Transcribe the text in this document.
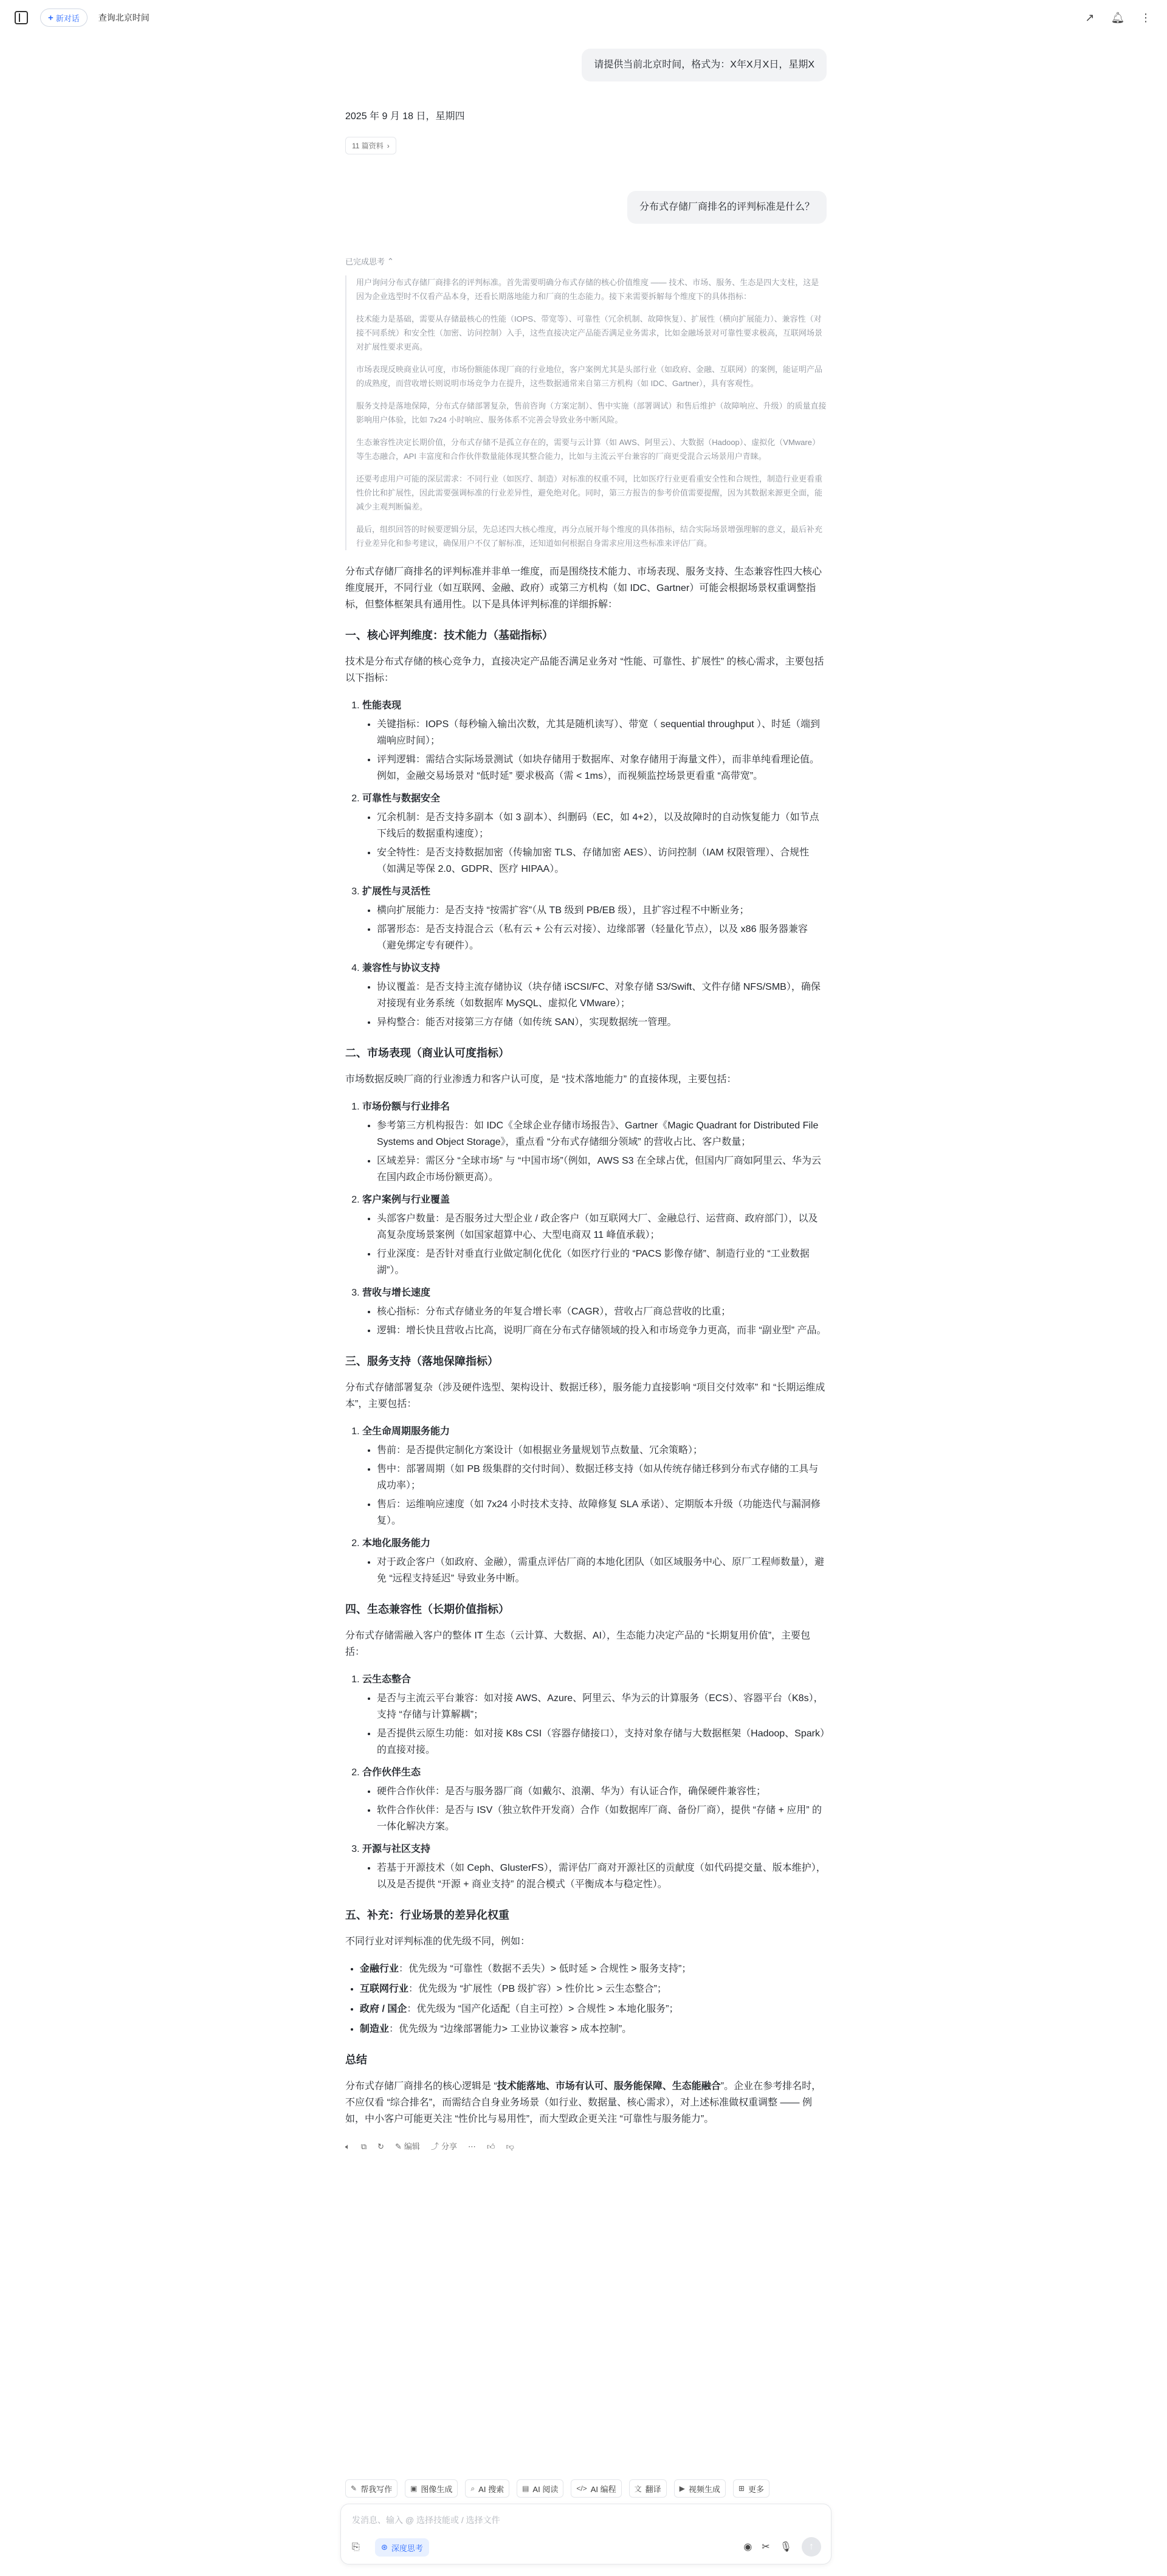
+ 新对话 查询北京时间	↗ 🔔︎ ⋮
请提供当前北京时间，格式为：X年X月X日，星期X
2025 年 9 月 18 日，星期四
11 篇资料 ›
分布式存储厂商排名的评判标准是什么？
已完成思考 ⌃

用户询问分布式存储厂商排名的评判标准。首先需要明确分布式存储的核心价值维度 —— 技术、市场、服务、生态是四大支柱，这是因为企业选型时不仅看产品本身，还看长期落地能力和厂商的生态能力。接下来需要拆解每个维度下的具体指标：

技术能力是基础，需要从存储最核心的性能（IOPS、带宽等）、可靠性（冗余机制、故障恢复）、扩展性（横向扩展能力）、兼容性（对接不同系统）和安全性（加密、访问控制）入手，这些直接决定产品能否满足业务需求，比如金融场景对可靠性要求极高，互联网场景对扩展性要求更高。

市场表现反映商业认可度，市场份额能体现厂商的行业地位，客户案例尤其是头部行业（如政府、金融、互联网）的案例，能证明产品的成熟度，而营收增长则说明市场竞争力在提升，这些数据通常来自第三方机构（如 IDC、Gartner），具有客观性。

服务支持是落地保障，分布式存储部署复杂，售前咨询（方案定制）、售中实施（部署调试）和售后维护（故障响应、升级）的质量直接影响用户体验，比如 7x24 小时响应、服务体系不完善会导致业务中断风险。

生态兼容性决定长期价值，分布式存储不是孤立存在的，需要与云计算（如 AWS、阿里云）、大数据（Hadoop）、虚拟化（VMware）等生态融合，API 丰富度和合作伙伴数量能体现其整合能力，比如与主流云平台兼容的厂商更受混合云场景用户青睐。

还要考虑用户可能的深层需求：不同行业（如医疗、制造）对标准的权重不同，比如医疗行业更看重安全性和合规性，制造行业更看重性价比和扩展性，因此需要强调标准的行业差异性，避免绝对化。同时，第三方报告的参考价值需要提醒，因为其数据来源更全面，能减少主观判断偏差。

最后，组织回答的时候要逻辑分层，先总述四大核心维度，再分点展开每个维度的具体指标，结合实际场景增强理解的意义，最后补充行业差异化和参考建议，确保用户不仅了解标准，还知道如何根据自身需求应用这些标准来评估厂商。

分布式存储厂商排名的评判标准并非单一维度，而是围绕技术能力、市场表现、服务支持、生态兼容性四大核心维度展开，不同行业（如互联网、金融、政府）或第三方机构（如 IDC、Gartner）可能会根据场景权重调整指标，但整体框架具有通用性。以下是具体评判标准的详细拆解：

一、核心评判维度：技术能力（基础指标）

技术是分布式存储的核心竞争力，直接决定产品能否满足业务对 “性能、可靠性、扩展性” 的核心需求，主要包括以下指标：

1. 性能表现
• 关键指标：IOPS（每秒输入输出次数，尤其是随机读写）、带宽（ sequential throughput ）、时延（端到端响应时间）；
• 评判逻辑：需结合实际场景测试（如块存储用于数据库、对象存储用于海量文件），而非单纯看理论值。例如，金融交易场景对 “低时延” 要求极高（需 < 1ms），而视频监控场景更看重 “高带宽”。
2. 可靠性与数据安全
• 冗余机制：是否支持多副本（如 3 副本）、纠删码（EC，如 4+2），以及故障时的自动恢复能力（如节点下线后的数据重构速度）；
• 安全特性：是否支持数据加密（传输加密 TLS、存储加密 AES）、访问控制（IAM 权限管理）、合规性（如满足等保 2.0、GDPR、医疗 HIPAA）。
3. 扩展性与灵活性
• 横向扩展能力：是否支持 “按需扩容”（从 TB 级到 PB/EB 级），且扩容过程不中断业务；
• 部署形态：是否支持混合云（私有云 + 公有云对接）、边缘部署（轻量化节点），以及 x86 服务器兼容（避免绑定专有硬件）。
4. 兼容性与协议支持
• 协议覆盖：是否支持主流存储协议（块存储 iSCSI/FC、对象存储 S3/Swift、文件存储 NFS/SMB），确保对接现有业务系统（如数据库 MySQL、虚拟化 VMware）；
• 异构整合：能否对接第三方存储（如传统 SAN），实现数据统一管理。
二、市场表现（商业认可度指标）

市场数据反映厂商的行业渗透力和客户认可度，是 “技术落地能力” 的直接体现，主要包括：

1. 市场份额与行业排名
• 参考第三方机构报告：如 IDC《全球企业存储市场报告》、Gartner《Magic Quadrant for Distributed File Systems and Object Storage》，重点看 “分布式存储细分领域” 的营收占比、客户数量；
• 区域差异：需区分 “全球市场” 与 “中国市场”（例如，AWS S3 在全球占优，但国内厂商如阿里云、华为云在国内政企市场份额更高）。
2. 客户案例与行业覆盖
• 头部客户数量：是否服务过大型企业 / 政企客户（如互联网大厂、金融总行、运营商、政府部门），以及高复杂度场景案例（如国家超算中心、大型电商双 11 峰值承载）；
• 行业深度：是否针对垂直行业做定制化优化（如医疗行业的 “PACS 影像存储”、制造行业的 “工业数据湖”）。
3. 营收与增长速度
• 核心指标：分布式存储业务的年复合增长率（CAGR），营收占厂商总营收的比重；
• 逻辑：增长快且营收占比高，说明厂商在分布式存储领域的投入和市场竞争力更高，而非 “副业型” 产品。
三、服务支持（落地保障指标）

分布式存储部署复杂（涉及硬件选型、架构设计、数据迁移），服务能力直接影响 “项目交付效率” 和 “长期运维成本”，主要包括：

1. 全生命周期服务能力
• 售前：是否提供定制化方案设计（如根据业务量规划节点数量、冗余策略）；
• 售中：部署周期（如 PB 级集群的交付时间）、数据迁移支持（如从传统存储迁移到分布式存储的工具与成功率）；
• 售后：运维响应速度（如 7x24 小时技术支持、故障修复 SLA 承诺）、定期版本升级（功能迭代与漏洞修复）。
2. 本地化服务能力
• 对于政企客户（如政府、金融），需重点评估厂商的本地化团队（如区域服务中心、原厂工程师数量），避免 “远程支持延迟” 导致业务中断。
四、生态兼容性（长期价值指标）

分布式存储需融入客户的整体 IT 生态（云计算、大数据、AI），生态能力决定产品的 “长期复用价值”，主要包括：

1. 云生态整合
• 是否与主流云平台兼容：如对接 AWS、Azure、阿里云、华为云的计算服务（ECS）、容器平台（K8s），支持 “存储与计算解耦”；
• 是否提供云原生功能：如对接 K8s CSI（容器存储接口），支持对象存储与大数据框架（Hadoop、Spark）的直接对接。
2. 合作伙伴生态
• 硬件合作伙伴：是否与服务器厂商（如戴尔、浪潮、华为）有认证合作，确保硬件兼容性；
• 软件合作伙伴：是否与 ISV（独立软件开发商）合作（如数据库厂商、备份厂商），提供 “存储 + 应用” 的一体化解决方案。
3. 开源与社区支持
• 若基于开源技术（如 Ceph、GlusterFS），需评估厂商对开源社区的贡献度（如代码提交量、版本维护），以及是否提供 “开源 + 商业支持” 的混合模式（平衡成本与稳定性）。
五、补充：行业场景的差异化权重

不同行业对评判标准的优先级不同，例如：

• 金融行业：优先级为 “可靠性（数据不丢失）> 低时延 > 合规性 > 服务支持”；
• 互联网行业：优先级为 “扩展性（PB 级扩容）> 性价比 > 云生态整合”；
• 政府 / 国企：优先级为 “国产化适配（自主可控）> 合规性 > 本地化服务”；
• 制造业：优先级为 “边缘部署能力> 工业协议兼容 > 成本控制”。
总结

分布式存储厂商排名的核心逻辑是 “技术能落地、市场有认可、服务能保障、生态能融合”。企业在参考排名时，不应仅看 “综合排名”，而需结合自身业务场景（如行业、数据量、核心需求），对上述标准做权重调整 —— 例如，中小客户可能更关注 “性价比与易用性”，而大型政企更关注 “可靠性与服务能力”。

🔈︎ ⧉ ↻ ✎ 编辑 ⤴ 分享 ⋯ 👍︎ 👎︎
✎ 帮我写作	▣ 图像生成	⌕ AI 搜索	▤ AI 阅读	</> AI 编程	文 翻译	▶ 视频生成	⊞ 更多
发消息、输入 @ 选择技能或 / 选择文件
⎘	⊛ 深度思考	◉ ✂ 🎙︎	↑
